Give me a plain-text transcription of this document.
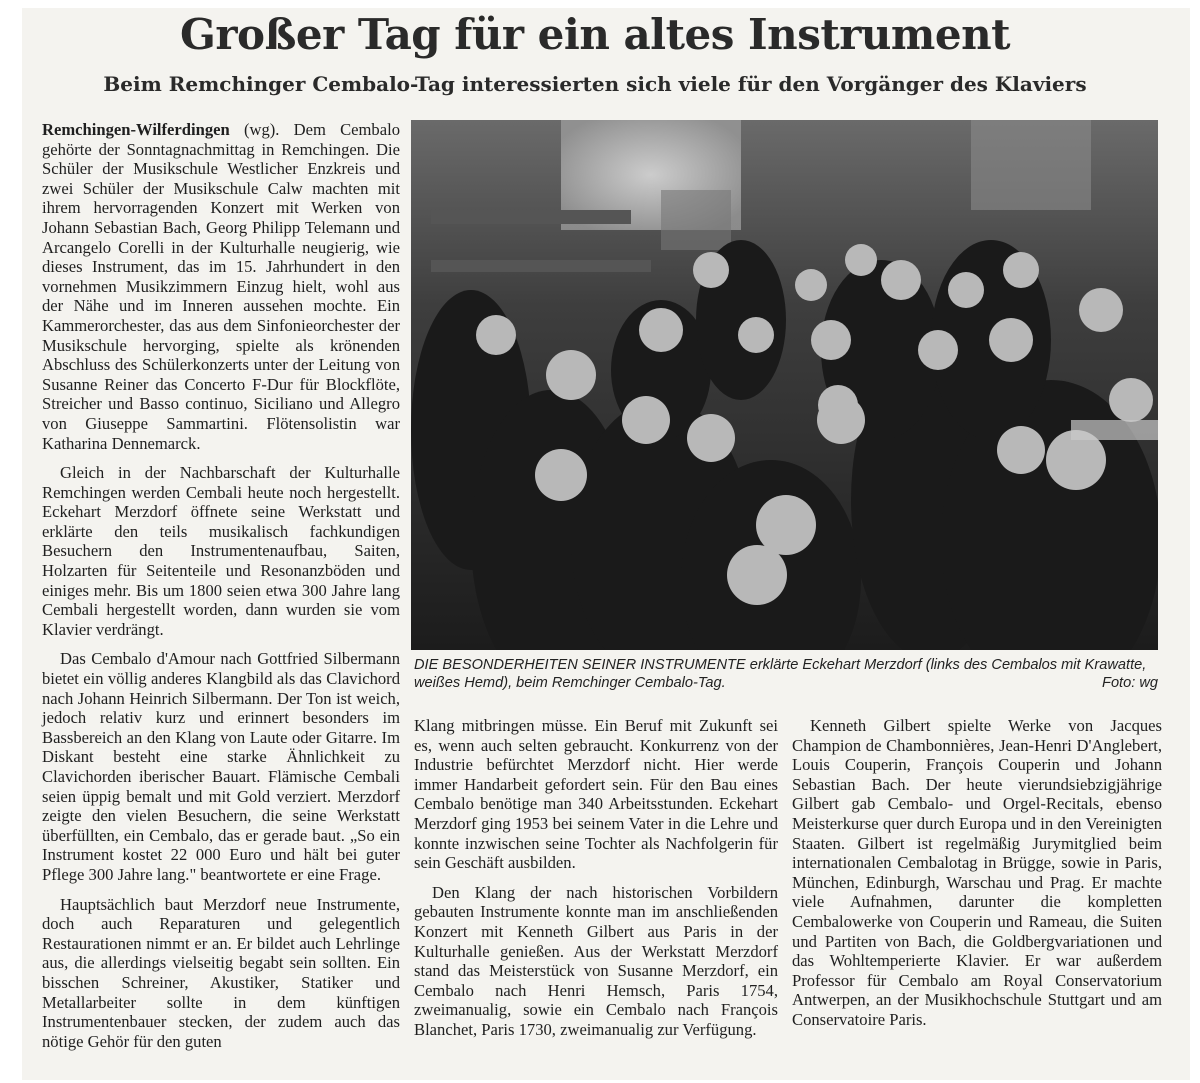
Großer Tag für ein altes Instrument
Beim Remchinger Cembalo-Tag interessierten sich viele für den Vorgänger des Klaviers

Remchingen-Wilferdingen (wg). Dem Cembalo gehörte der Sonntagnachmittag in Remchingen. Die Schüler der Musikschule Westlicher Enzkreis und zwei Schüler der Musikschule Calw machten mit ihrem hervorragenden Konzert mit Werken von Johann Sebastian Bach, Georg Philipp Telemann und Arcangelo Corelli in der Kulturhalle neugierig, wie dieses Instrument, das im 15. Jahrhundert in den vornehmen Musikzimmern Einzug hielt, wohl aus der Nähe und im Inneren aussehen mochte. Ein Kammerorchester, das aus dem Sinfonieorchester der Musikschule hervorging, spielte als krönenden Abschluss des Schülerkonzerts unter der Leitung von Susanne Reiner das Concerto F-Dur für Blockflöte, Streicher und Basso continuo, Siciliano und Allegro von Giuseppe Sammartini. Flötensolistin war Katharina Dennemarck.

Gleich in der Nachbarschaft der Kulturhalle Remchingen werden Cembali heute noch hergestellt. Eckehart Merzdorf öffnete seine Werkstatt und erklärte den teils musikalisch fachkundigen Besuchern den Instrumentenaufbau, Saiten, Holzarten für Seitenteile und Resonanzböden und einiges mehr. Bis um 1800 seien etwa 300 Jahre lang Cembali hergestellt worden, dann wurden sie vom Klavier verdrängt.

Das Cembalo d'Amour nach Gottfried Silbermann bietet ein völlig anderes Klangbild als das Clavichord nach Johann Heinrich Silbermann. Der Ton ist weich, jedoch relativ kurz und erinnert besonders im Bassbereich an den Klang von Laute oder Gitarre. Im Diskant besteht eine starke Ähnlichkeit zu Clavichorden iberischer Bauart. Flämische Cembali seien üppig bemalt und mit Gold verziert. Merzdorf zeigte den vielen Besuchern, die seine Werkstatt überfüllten, ein Cembalo, das er gerade baut. „So ein Instrument kostet 22 000 Euro und hält bei guter Pflege 300 Jahre lang." beantwortete er eine Frage.

Hauptsächlich baut Merzdorf neue Instrumente, doch auch Reparaturen und gelegentlich Restaurationen nimmt er an. Er bildet auch Lehrlinge aus, die allerdings vielseitig begabt sein sollten. Ein bisschen Schreiner, Akustiker, Statiker und Metallarbeiter sollte in dem künftigen Instrumentenbauer stecken, der zudem auch das nötige Gehör für den guten

DIE BESONDERHEITEN SEINER INSTRUMENTE erklärte Eckehart Merzdorf (links des Cembalos mit Krawatte, weißes Hemd), beim Remchinger Cembalo-Tag.	Foto: wg

Klang mitbringen müsse. Ein Beruf mit Zukunft sei es, wenn auch selten gebraucht. Konkurrenz von der Industrie befürchtet Merzdorf nicht. Hier werde immer Handarbeit gefordert sein. Für den Bau eines Cembalo benötige man 340 Arbeitsstunden. Eckehart Merzdorf ging 1953 bei seinem Vater in die Lehre und konnte inzwischen seine Tochter als Nachfolgerin für sein Geschäft ausbilden.

Den Klang der nach historischen Vorbildern gebauten Instrumente konnte man im anschließenden Konzert mit Kenneth Gilbert aus Paris in der Kulturhalle genießen. Aus der Werkstatt Merzdorf stand das Meisterstück von Susanne Merzdorf, ein Cembalo nach Henri Hemsch, Paris 1754, zweimanualig, sowie ein Cembalo nach François Blanchet, Paris 1730, zweimanualig zur Verfügung.

Kenneth Gilbert spielte Werke von Jacques Champion de Chambonnières, Jean-Henri D'Anglebert, Louis Couperin, François Couperin und Johann Sebastian Bach. Der heute vierundsiebzigjährige Gilbert gab Cembalo- und Orgel-Recitals, ebenso Meisterkurse quer durch Europa und in den Vereinigten Staaten. Gilbert ist regelmäßig Jurymitglied beim internationalen Cembalotag in Brügge, sowie in Paris, München, Edinburgh, Warschau und Prag. Er machte viele Aufnahmen, darunter die kompletten Cembalowerke von Couperin und Rameau, die Suiten und Partiten von Bach, die Goldbergvariationen und das Wohltemperierte Klavier. Er war außerdem Professor für Cembalo am Royal Conservatorium Antwerpen, an der Musikhochschule Stuttgart und am Conservatoire Paris.
